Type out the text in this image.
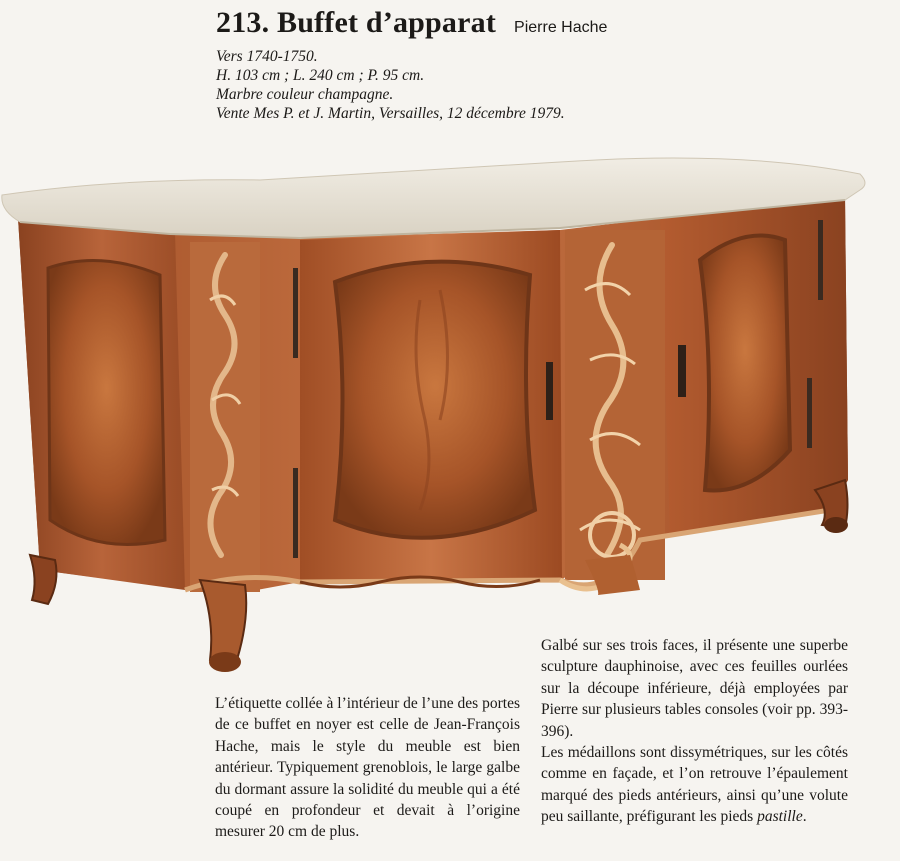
213. Buffet d’apparat Pierre Hache
Vers 1740-1750.
H. 103 cm ; L. 240 cm ; P. 95 cm.
Marbre couleur champagne.
Vente Mes P. et J. Martin, Versailles, 12 décembre 1979.

L’étiquette collée à l’intérieur de l’une des portes de ce buffet en noyer est celle de Jean-François Hache, mais le style du meuble est bien antérieur. Typiquement grenoblois, le large galbe du dormant assure la solidité du meuble qui a été coupé en profondeur et devait à l’origine mesurer 20 cm de plus.

Galbé sur ses trois faces, il présente une superbe sculpture dauphinoise, avec ces feuilles ourlées sur la découpe inférieure, déjà employées par Pierre sur plusieurs tables consoles (voir pp. 393-396).

Les médaillons sont dissymétriques, sur les côtés comme en façade, et l’on retrouve l’épaulement marqué des pieds antérieurs, ainsi qu’une volute peu saillante, préfigurant les pieds pastille.
